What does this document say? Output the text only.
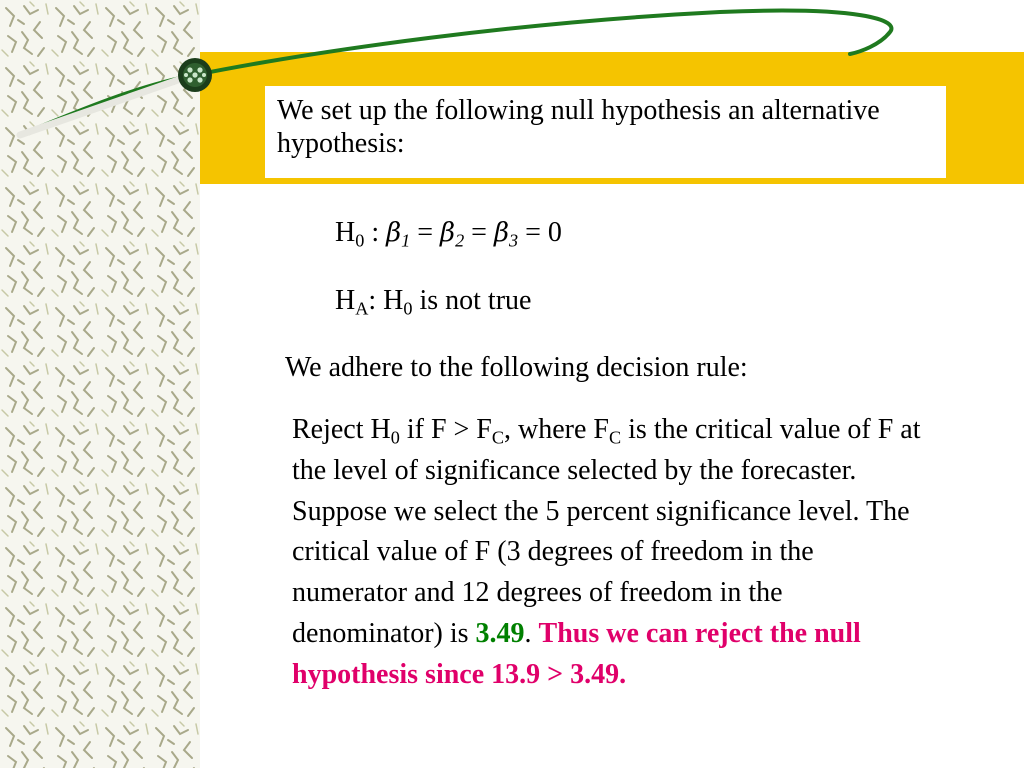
We set up the following null hypothesis an alternative hypothesis:
$H_0$ : $\beta_1 = \beta_2 = \beta_3 = 0$
$H_A$: $H_0$ is not true
We adhere to the following decision rule:
Reject $H_0$ if $F > F_C$, where $F_C$ is the critical value of F at the level of significance selected by the forecaster. Suppose we select the 5 percent significance level. The critical value of F (3 degrees of freedom in the numerator and 12 degrees of freedom in the denominator) is 3.49. Thus we can reject the null hypothesis since 13.9 > 3.49.
